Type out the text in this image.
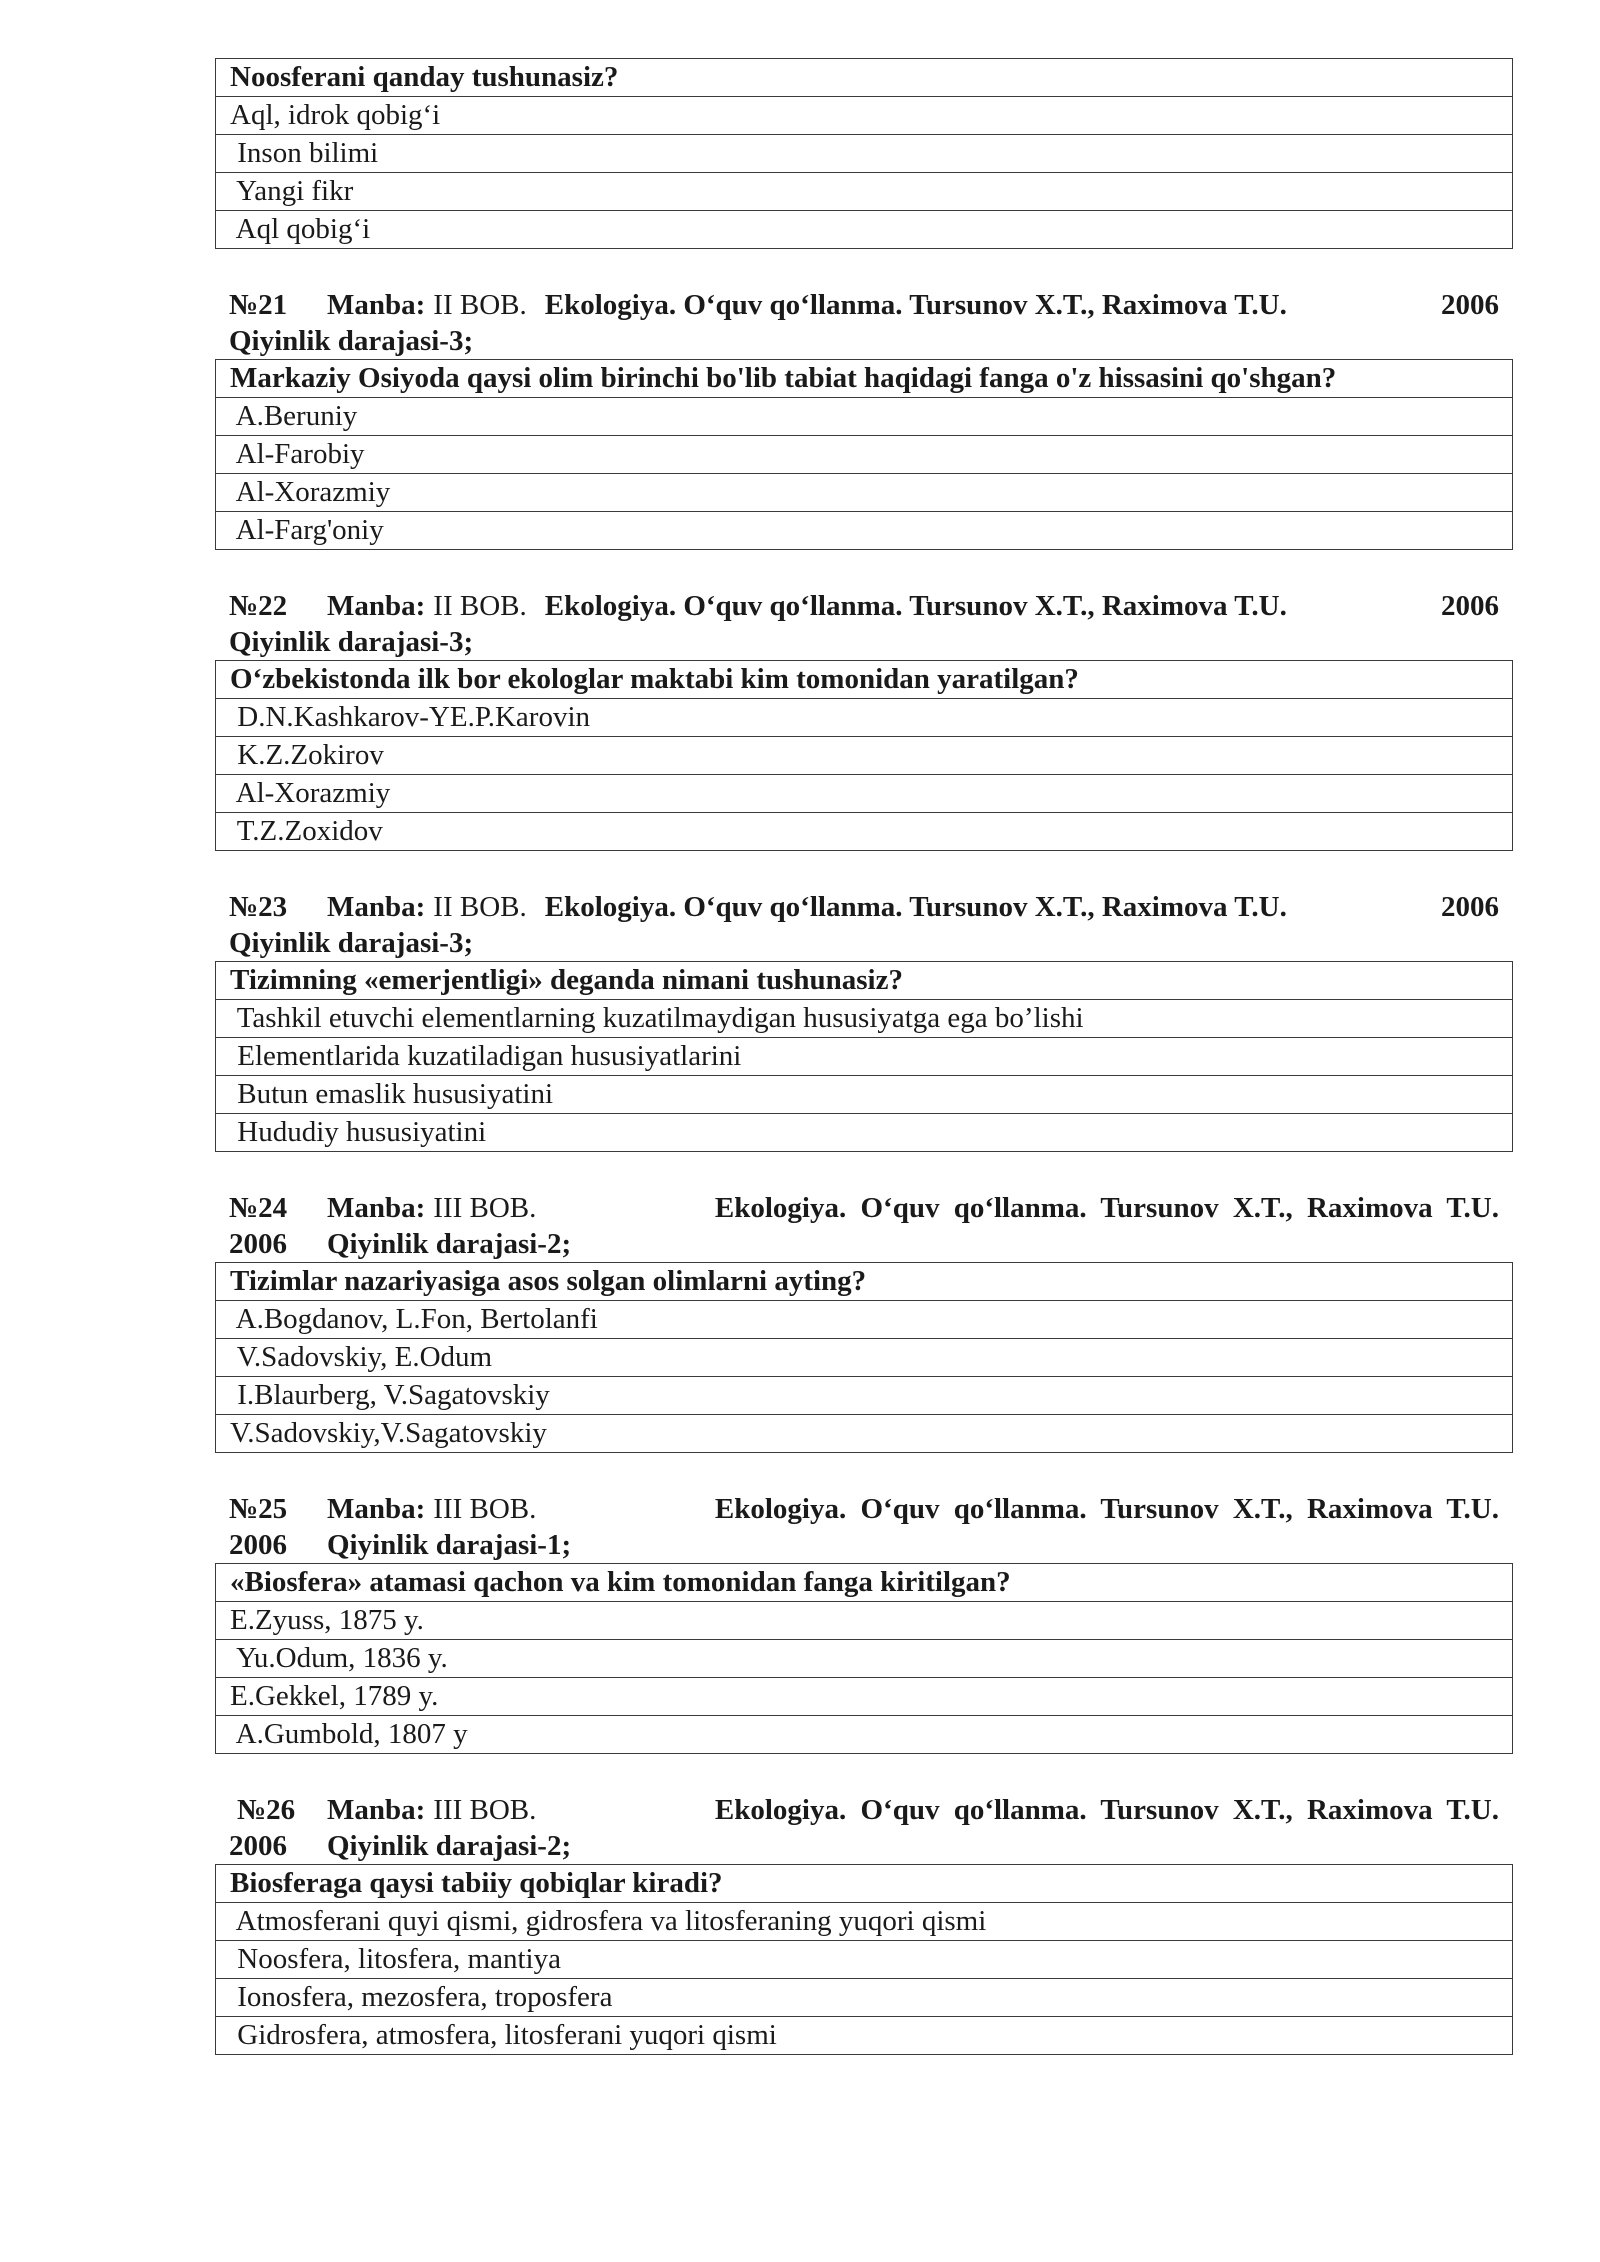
Noosferani qanday tushunasiz?
Aql, idrok qobig‘i
Inson bilimi
Yangi fikr
Aql qobig‘i
№21	Manba: II BOB. Ekologiya. O‘quv qo‘llanma. Tursunov X.T., Raximova T.U.	2006
Qiyinlik darajasi-3;
Markaziy Osiyoda qaysi olim birinchi bo'lib tabiat haqidagi fanga o'z hissasini qo'shgan?
A.Beruniy
Al-Farobiy
Al-Xorazmiy
Al-Farg'oniy
№22	Manba: II BOB. Ekologiya. O‘quv qo‘llanma. Tursunov X.T., Raximova T.U.	2006
Qiyinlik darajasi-3;
O‘zbekistonda ilk bor ekologlar maktabi kim tomonidan yaratilgan?
D.N.Kashkarov-YE.P.Karovin
K.Z.Zokirov
Al-Xorazmiy
T.Z.Zoxidov
№23	Manba: II BOB. Ekologiya. O‘quv qo‘llanma. Tursunov X.T., Raximova T.U.	2006
Qiyinlik darajasi-3;
Tizimning «emerjentligi» deganda nimani tushunasiz?
Tashkil etuvchi elementlarning kuzatilmaydigan hususiyatga ega bo’lishi
Elementlarida kuzatiladigan hususiyatlarini
Butun emaslik hususiyatini
Hududiy hususiyatini
№24	Manba: III BOB.	Ekologiya. O‘quv qo‘llanma. Tursunov X.T., Raximova T.U.
2006 Qiyinlik darajasi-2;
Tizimlar nazariyasiga asos solgan olimlarni ayting?
A.Bogdanov, L.Fon, Bertolanfi
V.Sadovskiy, E.Odum
I.Blaurberg, V.Sagatovskiy
V.Sadovskiy,V.Sagatovskiy
№25	Manba: III BOB.	Ekologiya. O‘quv qo‘llanma. Tursunov X.T., Raximova T.U.
2006 Qiyinlik darajasi-1;
«Biosfera» atamasi qachon va kim tomonidan fanga kiritilgan?
E.Zyuss, 1875 y.
Yu.Odum, 1836 y.
E.Gekkel, 1789 y.
A.Gumbold, 1807 y
№26	Manba: III BOB.	Ekologiya. O‘quv qo‘llanma. Tursunov X.T., Raximova T.U.
2006 Qiyinlik darajasi-2;
Biosferaga qaysi tabiiy qobiqlar kiradi?
Atmosferani quyi qismi, gidrosfera va litosferaning yuqori qismi
Noosfera, litosfera, mantiya
Ionosfera, mezosfera, troposfera
Gidrosfera, atmosfera, litosferani yuqori qismi
